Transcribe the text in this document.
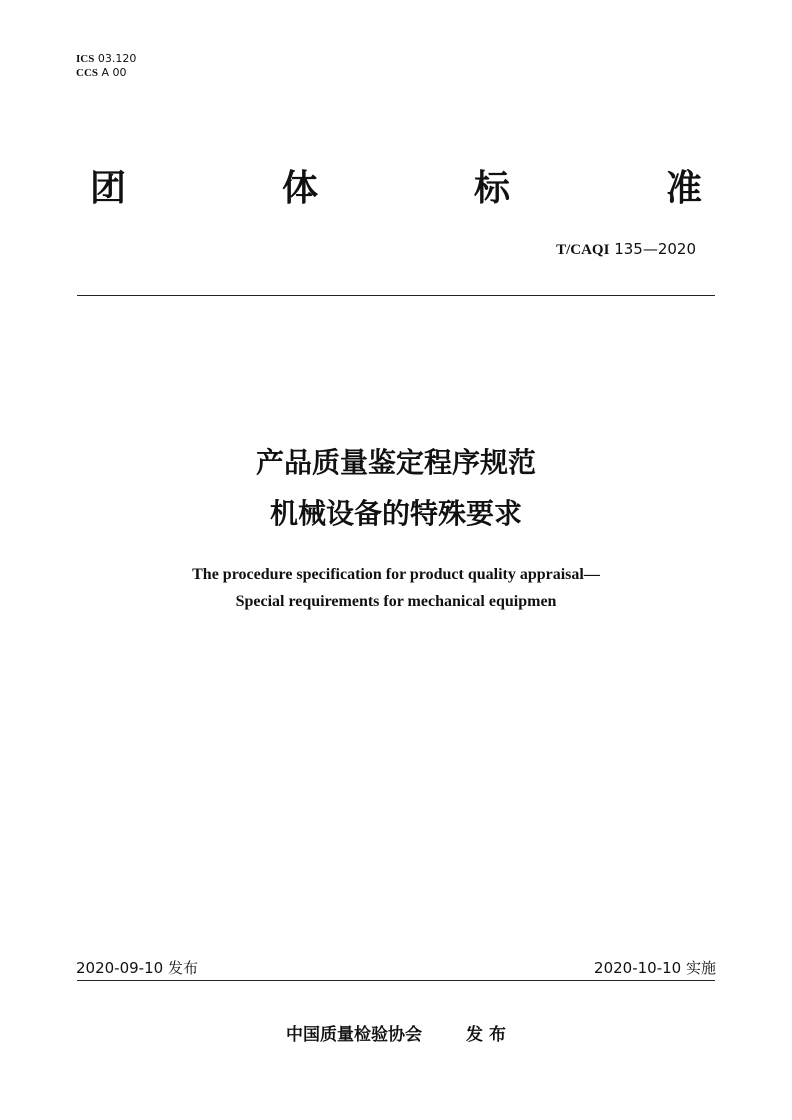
ICS 03.120
CCS A 00
团	体	标	准
T/CAQI 135—2020
产品质量鉴定程序规范
机械设备的特殊要求
The procedure specification for product quality appraisal—
Special requirements for mechanical equipmen
2020-09-10 发布	2020-10-10 实施
中国质量检验协会	发 布
